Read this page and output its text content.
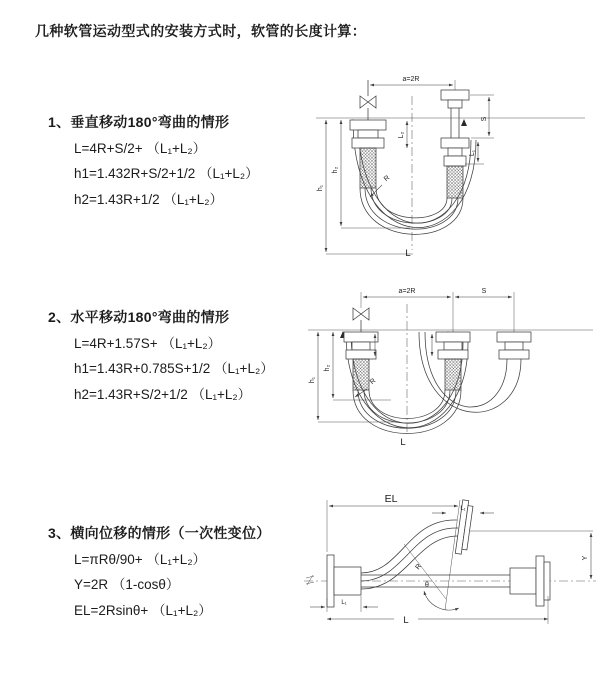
几种软管运动型式的安装方式时，软管的长度计算：
1、垂直移动180°弯曲的情形
L=4R+S/2+ （L₁+L₂）
h1=1.432R+S/2+1/2 （L₁+L₂）
h2=1.43R+1/2 （L₁+L₂）
a=2R
S
L₁
L₂
h₂
h₁
R
L
2、水平移动180°弯曲的情形
L=4R+1.57S+ （L₁+L₂）
h1=1.43R+0.785S+1/2 （L₁+L₂）
h2=1.43R+S/2+1/2 （L₁+L₂）
a=2R	S
h₂
h₁	R
L
3、横向位移的情形（一次性变位）
L=πRθ/90+ （L₁+L₂）
Y=2R （1-cosθ）
EL=2Rsinθ+ （L₁+L₂）
θ
R
EL
L₁
Y
L₁
L
